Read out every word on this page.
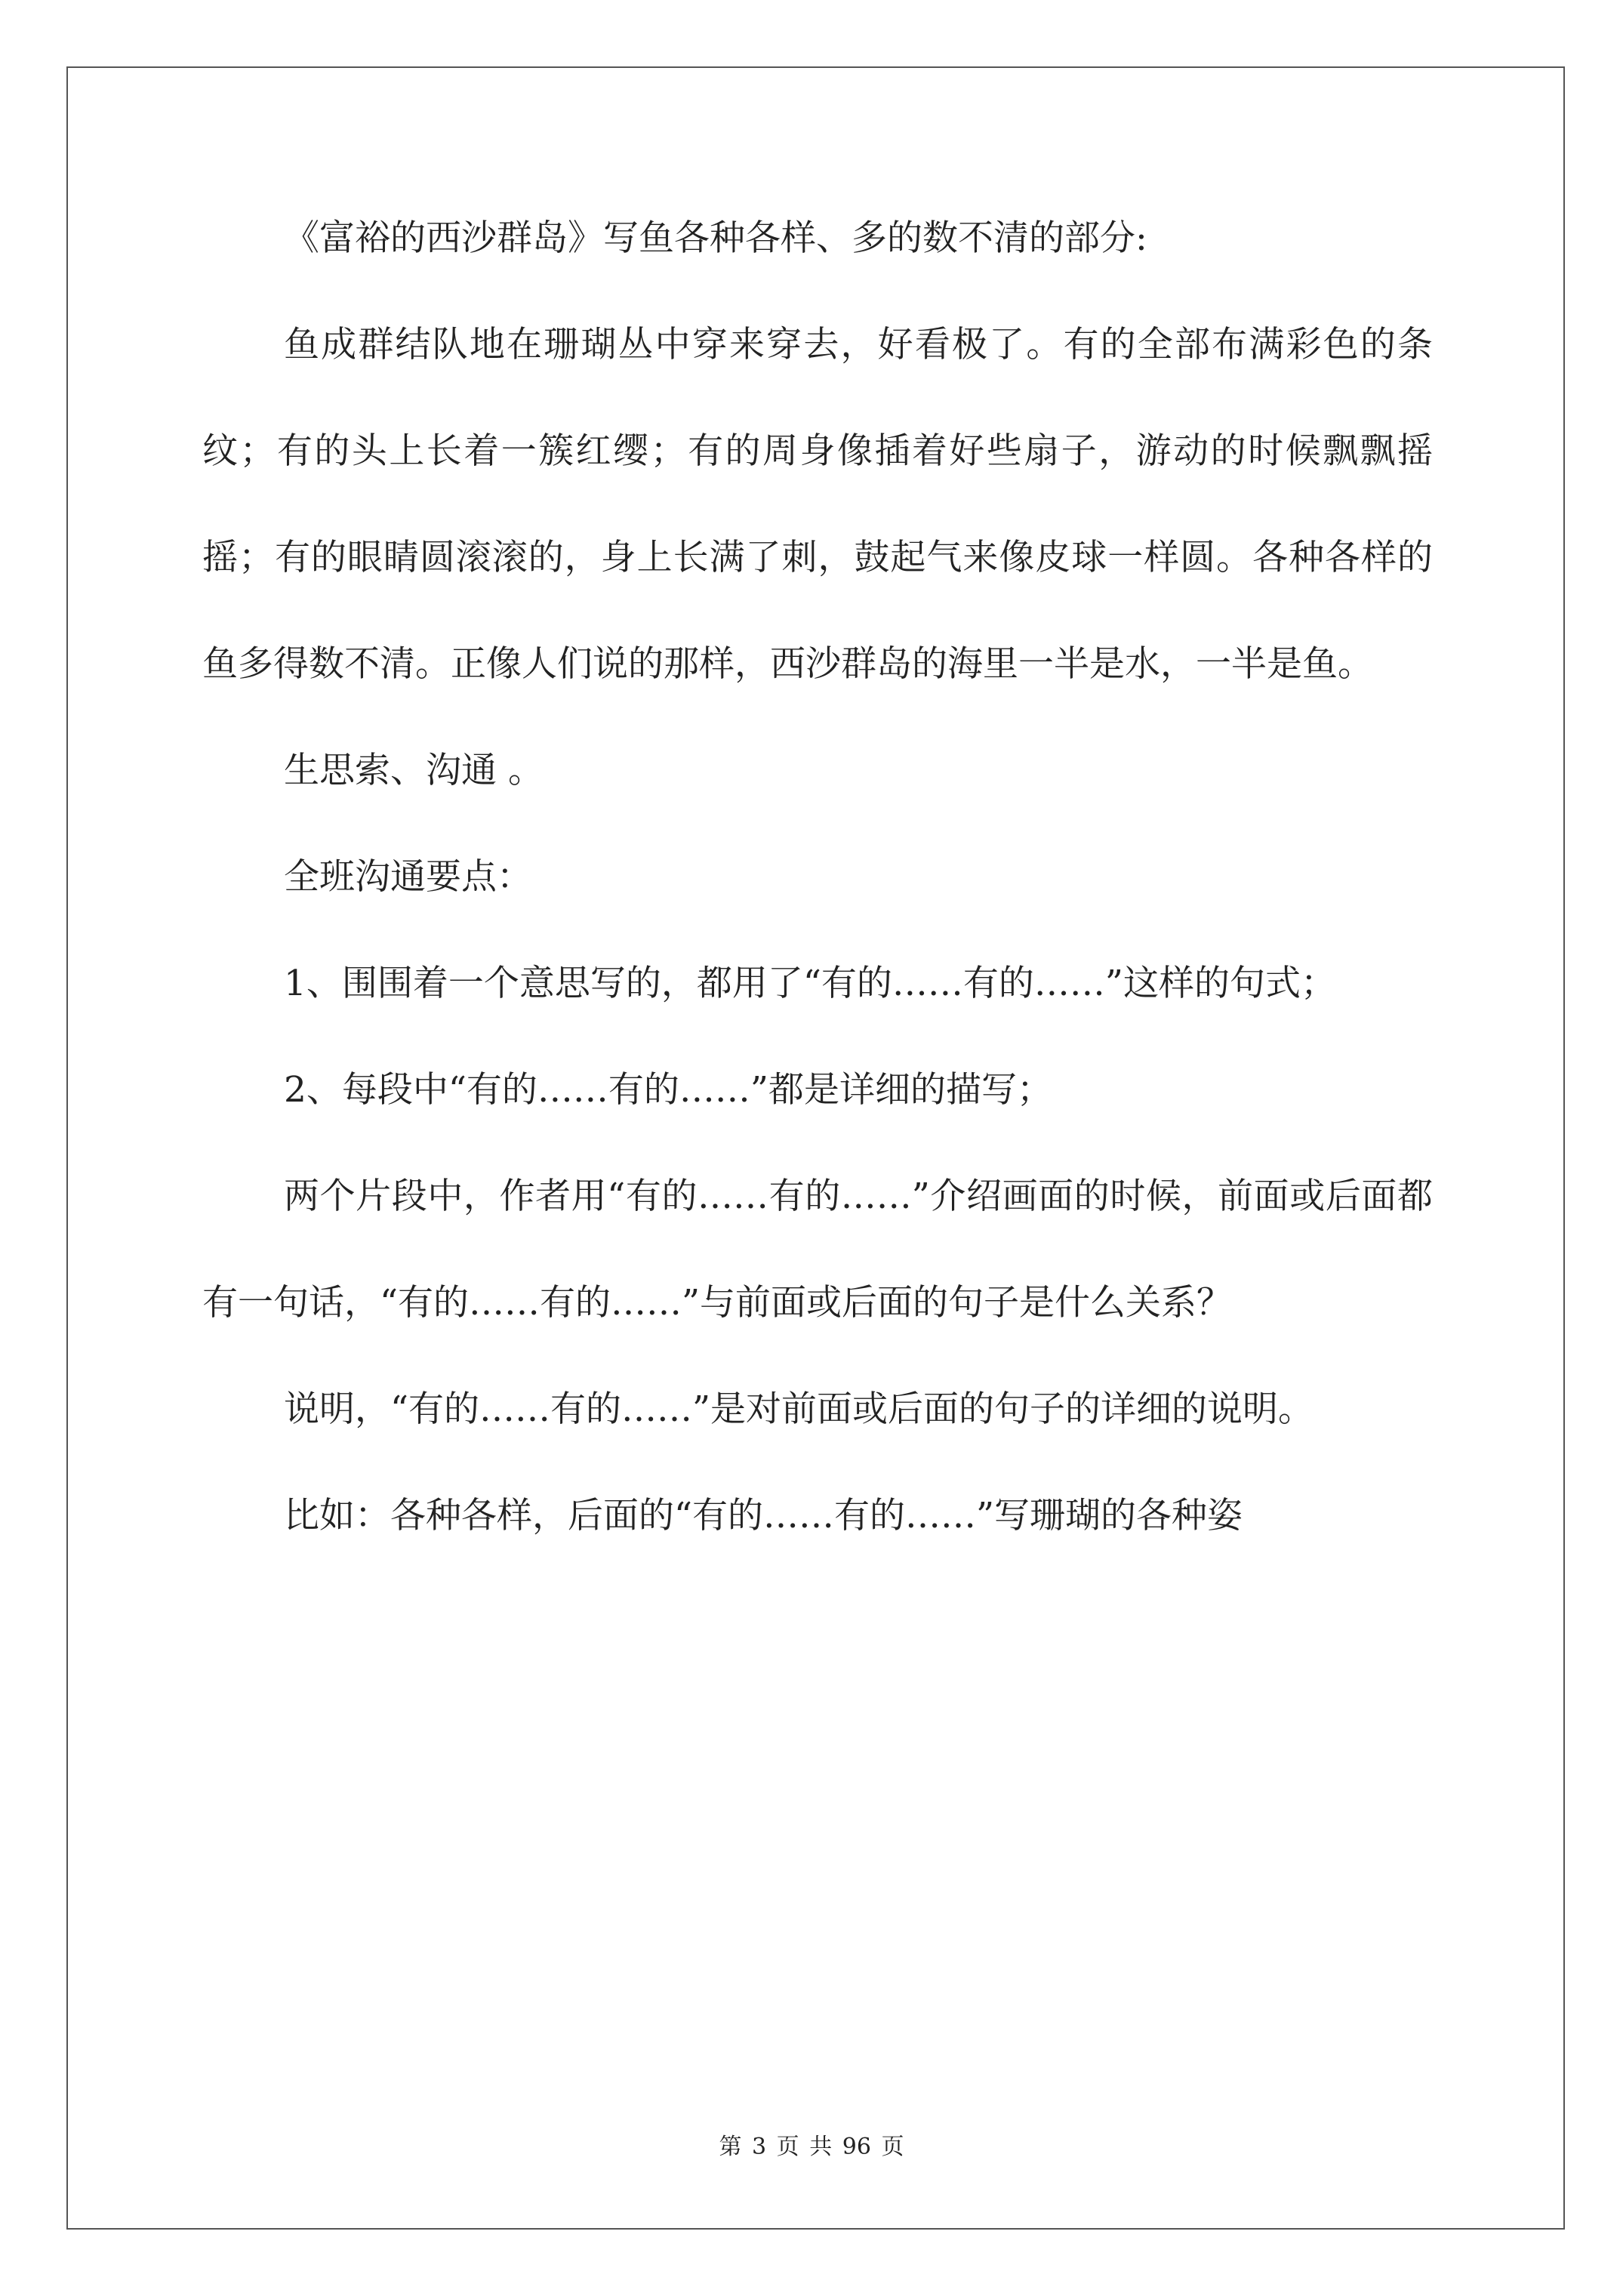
《富裕的西沙群岛》写鱼各种各样、多的数不清的部分:

鱼成群结队地在珊瑚丛中穿来穿去，好看极了。有的全部布满彩色的条纹；有的头上长着一簇红缨；有的周身像插着好些扇子，游动的时候飘飘摇摇；有的眼睛圆滚滚的，身上长满了刺，鼓起气来像皮球一样圆。各种各样的鱼多得数不清。正像人们说的那样，西沙群岛的海里一半是水，一半是鱼。

生思索、沟通 。

全班沟通要点：

1、围围着一个意思写的，都用了“有的……有的……”这样的句式；

2、每段中“有的……有的……”都是详细的描写；

两个片段中，作者用“有的……有的……”介绍画面的时候，前面或后面都有一句话，“有的……有的……”与前面或后面的句子是什么关系？

说明，“有的……有的……”是对前面或后面的句子的详细的说明。

比如：各种各样，后面的“有的……有的……”写珊瑚的各种姿

第 3 页 共 96 页
